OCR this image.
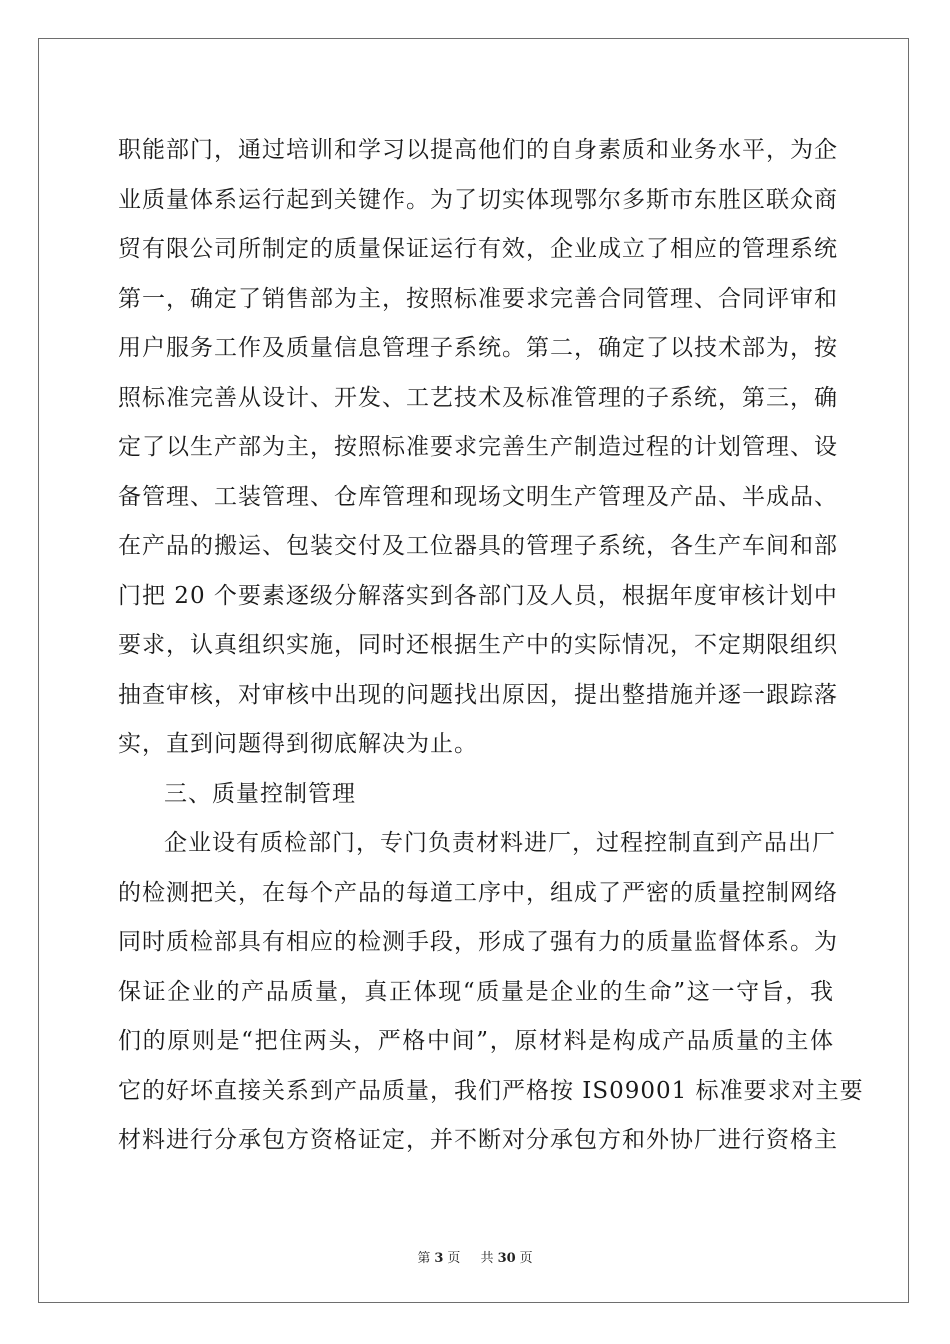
职能部门，通过培训和学习以提高他们的自身素质和业务水平，为企
业质量体系运行起到关键作。为了切实体现鄂尔多斯市东胜区联众商
贸有限公司所制定的质量保证运行有效，企业成立了相应的管理系统
第一，确定了销售部为主，按照标准要求完善合同管理、合同评审和
用户服务工作及质量信息管理子系统。第二，确定了以技术部为，按
照标准完善从设计、开发、工艺技术及标准管理的子系统，第三，确
定了以生产部为主，按照标准要求完善生产制造过程的计划管理、设
备管理、工装管理、仓库管理和现场文明生产管理及产品、半成品、
在产品的搬运、包装交付及工位器具的管理子系统，各生产车间和部
门把 20 个要素逐级分解落实到各部门及人员，根据年度审核计划中
要求，认真组织实施，同时还根据生产中的实际情况，不定期限组织
抽查审核，对审核中出现的问题找出原因，提出整措施并逐一跟踪落
实，直到问题得到彻底解决为止。
三、质量控制管理
企业设有质检部门，专门负责材料进厂，过程控制直到产品出厂
的检测把关，在每个产品的每道工序中，组成了严密的质量控制网络
同时质检部具有相应的检测手段，形成了强有力的质量监督体系。为
保证企业的产品质量，真正体现“质量是企业的生命”这一守旨，我
们的原则是“把住两头，严格中间”，原材料是构成产品质量的主体
它的好坏直接关系到产品质量，我们严格按 IS09001 标准要求对主要
材料进行分承包方资格证定，并不断对分承包方和外协厂进行资格主
第 3 页 共 30 页
